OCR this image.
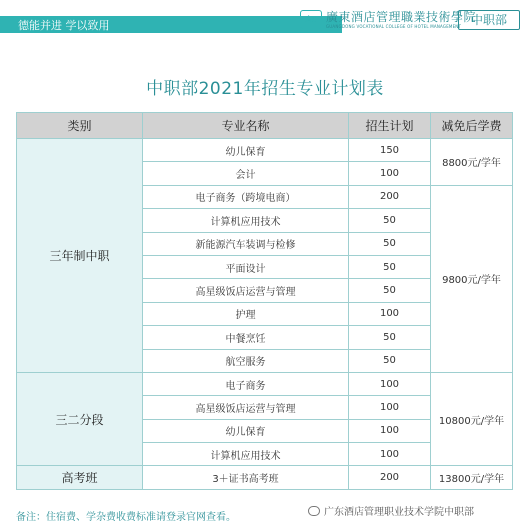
德能并进 学以致用	Ac 廣東酒店管理職業技術學院
GUANGDONG VOCATIONAL COLLEGE OF HOTEL MANAGEMENT 中职部
中职部2021年招生专业计划表
类别	专业名称	招生计划	减免后学费
三年制中职	幼儿保育	150	8800元/学年
	会计	100	
	电子商务（跨境电商）	200	9800元/学年
	计算机应用技术	50	
	新能源汽车装调与检修	50	
	平面设计	50	
	高星级饭店运营与管理	50	
	护理	100	
	中餐烹饪	50	
	航空服务	50	
三二分段	电子商务	100	10800元/学年
	高星级饭店运营与管理	100	
	幼儿保育	100	
	计算机应用技术	100	
高考班	3＋证书高考班	200	13800元/学年
备注：住宿费、学杂费收费标准请登录官网查看。	广东酒店管理职业技术学院中职部
